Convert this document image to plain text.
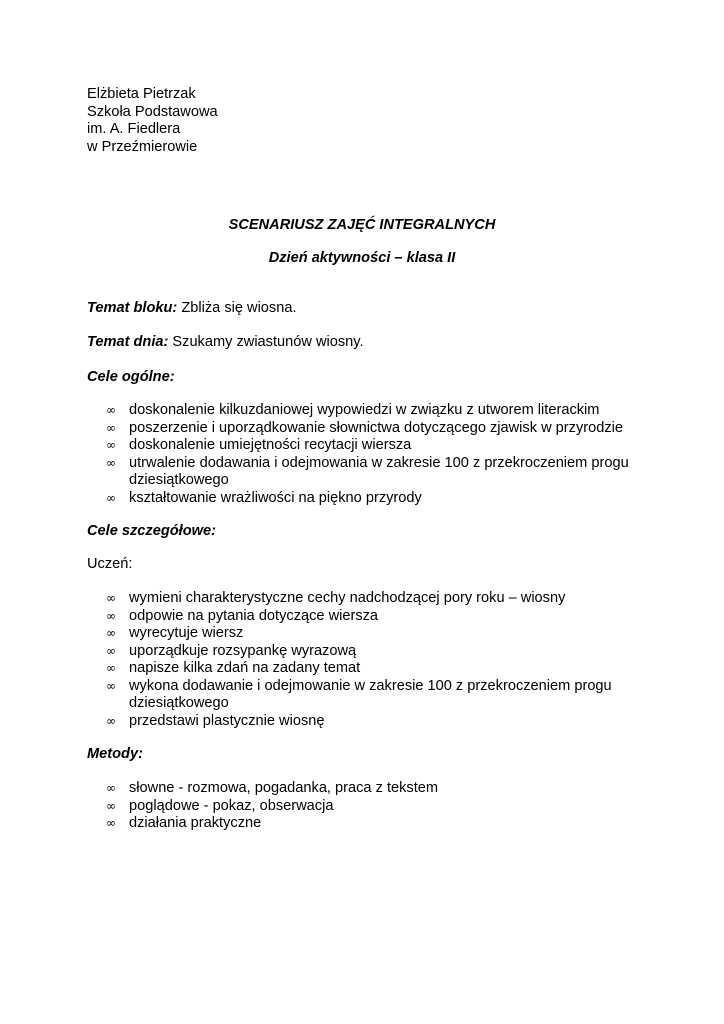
Elżbieta Pietrzak
Szkoła Podstawowa
im. A. Fiedlera
w Przeźmierowie
SCENARIUSZ ZAJĘĆ INTEGRALNYCH
Dzień aktywności – klasa II
Temat bloku: Zbliża się wiosna.
Temat dnia: Szukamy zwiastunów wiosny.
Cele ogólne:
∞ doskonalenie kilkuzdaniowej wypowiedzi w związku z utworem literackim
∞ poszerzenie i uporządkowanie słownictwa dotyczącego zjawisk w przyrodzie
∞ doskonalenie umiejętności recytacji wiersza
∞ utrwalenie dodawania i odejmowania w zakresie 100 z przekroczeniem progu dziesiątkowego
∞ kształtowanie wrażliwości na piękno przyrody
Cele szczegółowe:
Uczeń:
∞ wymieni charakterystyczne cechy nadchodzącej pory roku – wiosny
∞ odpowie na pytania dotyczące wiersza
∞ wyrecytuje wiersz
∞ uporządkuje rozsypankę wyrazową
∞ napisze kilka zdań na zadany temat
∞ wykona dodawanie i odejmowanie w zakresie 100 z przekroczeniem progu dziesiątkowego
∞ przedstawi plastycznie wiosnę
Metody:
∞ słowne - rozmowa, pogadanka, praca z tekstem
∞ poglądowe - pokaz, obserwacja
∞ działania praktyczne
